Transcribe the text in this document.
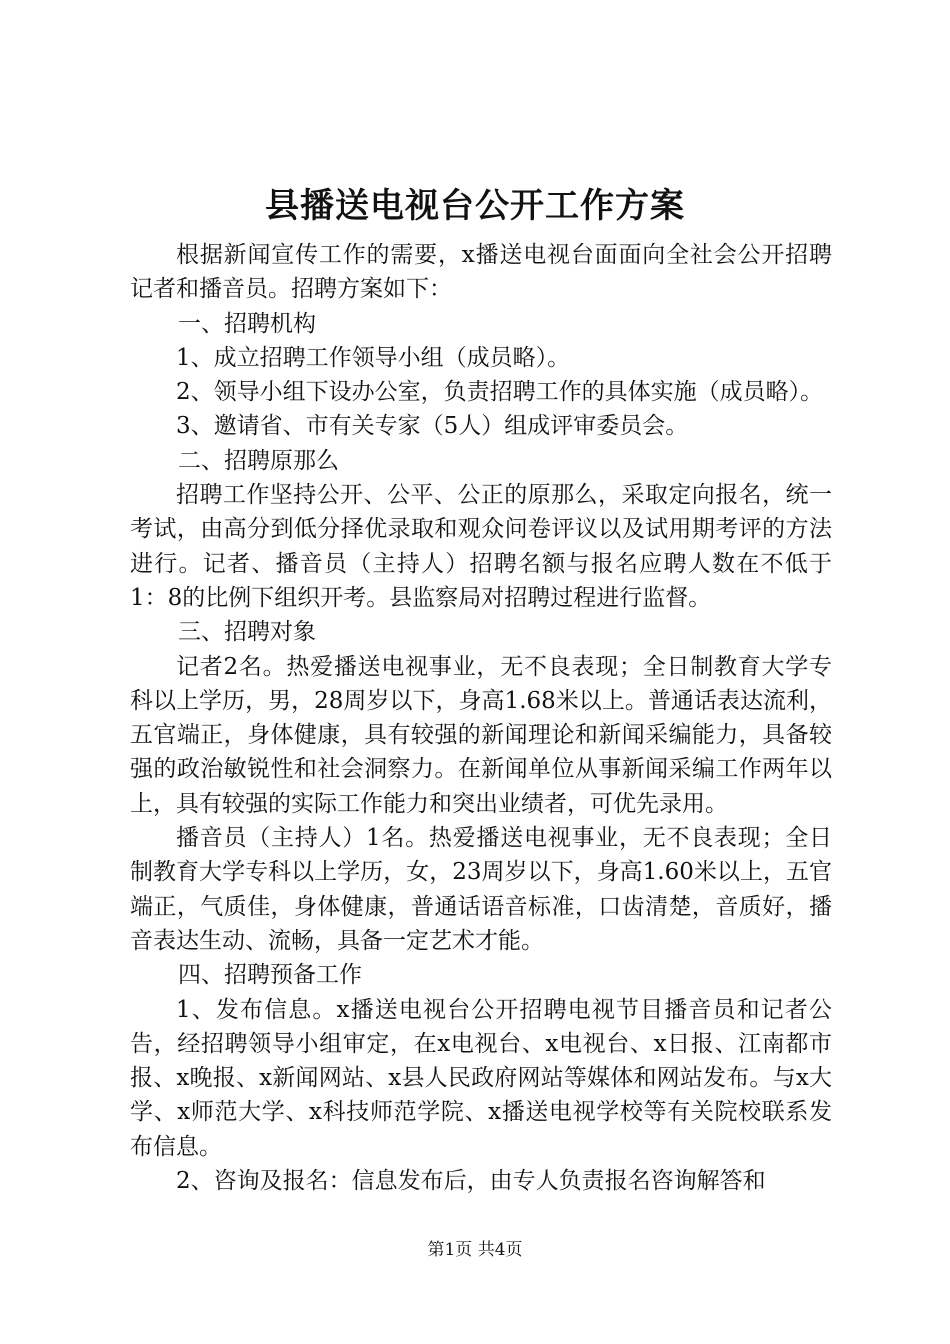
县播送电视台公开工作方案

根据新闻宣传工作的需要，x播送电视台面面向全社会公开招聘记者和播音员。招聘方案如下：

一、招聘机构

1、成立招聘工作领导小组（成员略）。

2、领导小组下设办公室，负责招聘工作的具体实施（成员略）。

3、邀请省、市有关专家（5人）组成评审委员会。

二、招聘原那么

招聘工作坚持公开、公平、公正的原那么，采取定向报名，统一考试，由高分到低分择优录取和观众问卷评议以及试用期考评的方法进行。记者、播音员（主持人）招聘名额与报名应聘人数在不低于1：8的比例下组织开考。县监察局对招聘过程进行监督。

三、招聘对象

记者2名。热爱播送电视事业，无不良表现；全日制教育大学专科以上学历，男，28周岁以下，身高1.68米以上。普通话表达流利，五官端正，身体健康，具有较强的新闻理论和新闻采编能力，具备较强的政治敏锐性和社会洞察力。在新闻单位从事新闻采编工作两年以上，具有较强的实际工作能力和突出业绩者，可优先录用。

播音员（主持人）1名。热爱播送电视事业，无不良表现；全日制教育大学专科以上学历，女，23周岁以下，身高1.60米以上，五官端正，气质佳，身体健康，普通话语音标准，口齿清楚，音质好，播音表达生动、流畅，具备一定艺术才能。

四、招聘预备工作

1、发布信息。x播送电视台公开招聘电视节目播音员和记者公告，经招聘领导小组审定，在x电视台、x电视台、x日报、江南都市报、x晚报、x新闻网站、x县人民政府网站等媒体和网站发布。与x大学、x师范大学、x科技师范学院、x播送电视学校等有关院校联系发布信息。

2、咨询及报名：信息发布后，由专人负责报名咨询解答和

第1页 共4页
